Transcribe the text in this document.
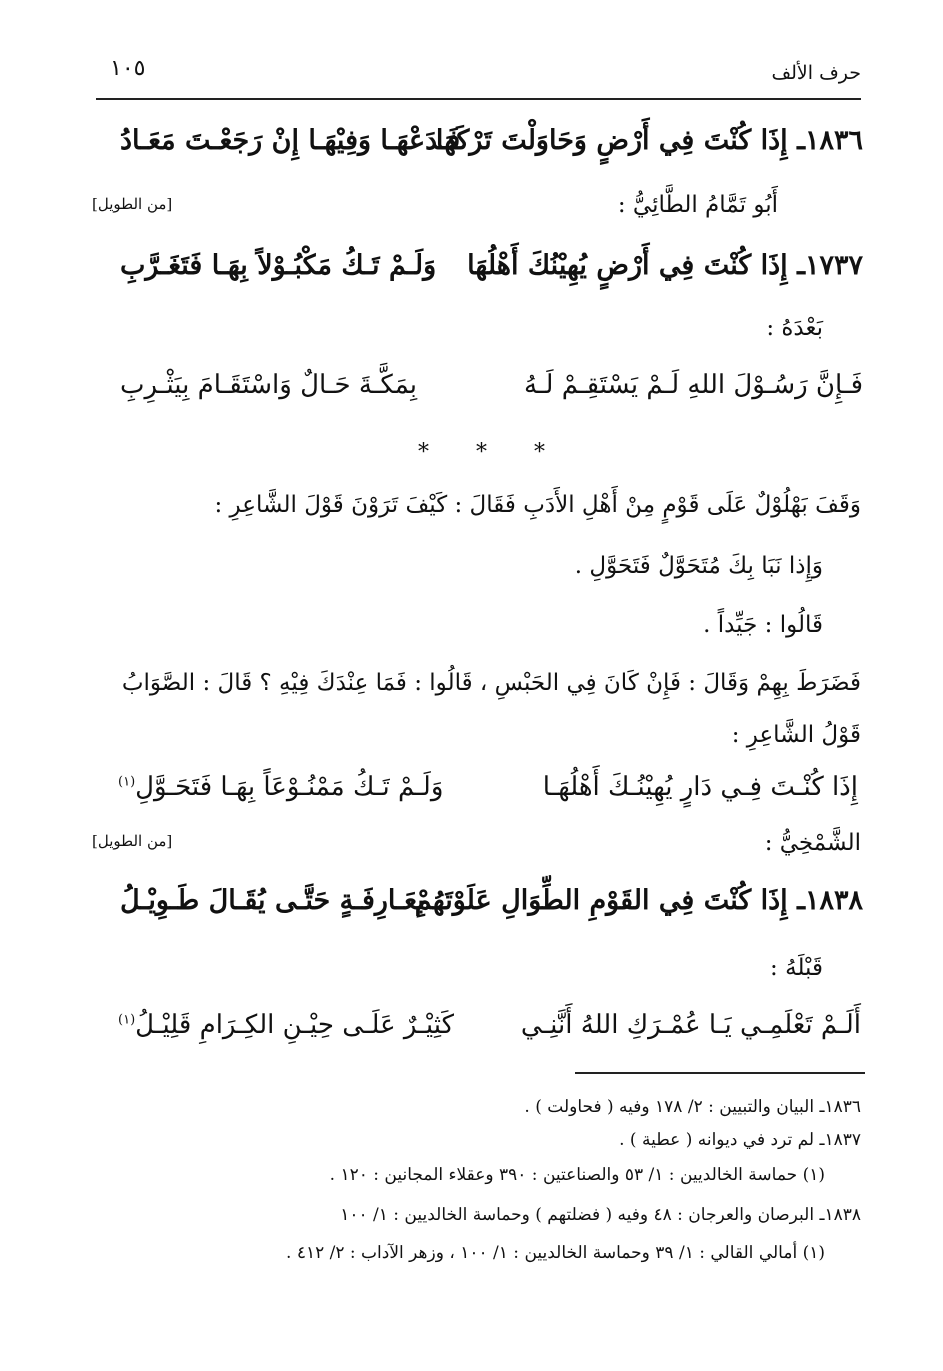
حرف الألف
١٠٥
١٨٣٦ـ إِذَا كُنْتَ فِي أَرْضٍ وَحَاوَلْتَ تَرْكَهَا
فَـدَعْهَـا وَفِيْهَـا إِنْ رَجَعْـتَ مَعَـادُ
أَبُو تَمَّامُ الطَّائِيُّ :
[من الطويل]
١٧٣٧ـ إِذَا كُنْتَ فِي أَرْضٍ يُهِيْنُكَ أَهْلُهَا
وَلَـمْ تَـكُ مَكْبُـوْلاً بِهَـا فَتَغَـرَّبِ
بَعْدَهُ :
فَـإِنَّ رَسُـوْلَ اللهِ لَـمْ يَسْتَقِـمْ لَـهُ
بِمَكَّـةَ حَـالٌ وَاسْتَقَـامَ بِيَثْـرِبِ
* * *
وَقَفَ بَهْلُوْلٌ عَلَى قَوْمٍ مِنْ أَهْلِ الأَدَبِ فَقَالَ : كَيْفَ تَرَوْنَ قَوْلَ الشَّاعِرِ :
وَإِذا نَبَا بِكَ مُتَحَوَّلٌ فَتَحَوَّلِ .
قَالُوا : جَيِّداً .
فَضَرَطَ بِهِمْ وَقَالَ : فَإِنْ كَانَ فِي الحَبْسِ ، قَالُوا : فَمَا عِنْدَكَ فِيْهِ ؟ قَالَ : الصَّوَابُ
قَوْلُ الشَّاعِرِ :
إِذَا كُنْـتَ فِـي دَارٍ يُهِيْنُـكَ أَهْلُهَـا
وَلَـمْ تَـكُ مَمْنُـوْعَاً بِهَـا فَتَحَـوَّلِ$^{(١)}$
الشَّمْخِيُّ :
[من الطويل]
١٨٣٨ـ إِذَا كُنْتَ فِي القَوْمِ الطِّوَالِ عَلَوْتَهُمْ
بِعَـارِفَـةٍ حَتَّـى يُقَـالَ طَـوِيْـلُ
قَبْلَهُ :
أَلَـمْ تَعْلَمِـي يَـا عُمْـرَكِ اللهُ أَنَّنِـي
كَثِيْـرٌ عَلَـى حِيْـنِ الكِـرَامِ قَلِيْـلُ$^{(١)}$
١٨٣٦ـ البيان والتبيين : ٢/ ١٧٨ وفيه ( فحاولت ) .
١٨٣٧ـ لم ترد في ديوانه ( عطية ) .
(١) حماسة الخالديين : ١/ ٥٣ والصناعتين : ٣٩٠ وعقلاء المجانين : ١٢٠ .
١٨٣٨ـ البرصان والعرجان : ٤٨ وفيه ( فضلتهم ) وحماسة الخالديين : ١/ ١٠٠
(١) أمالي القالي : ١/ ٣٩ وحماسة الخالديين : ١/ ١٠٠ ، وزهر الآداب : ٢/ ٤١٢ .
